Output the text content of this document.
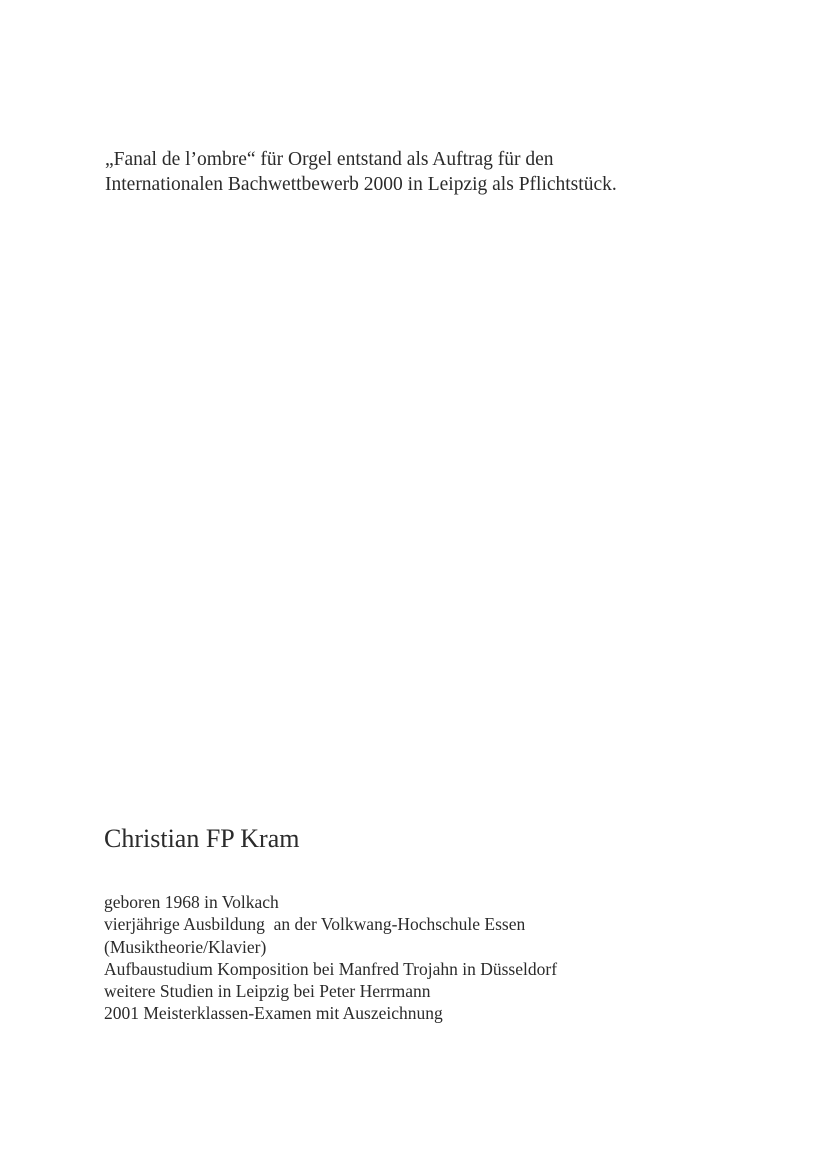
„Fanal de l’ombre“ für Orgel entstand als Auftrag für den

Internationalen Bachwettbewerb 2000 in Leipzig als Pflichtstück.

Christian FP Kram

geboren 1968 in Volkach

vierjährige Ausbildung  an der Volkwang-Hochschule Essen

(Musiktheorie/Klavier)

Aufbaustudium Komposition bei Manfred Trojahn in Düsseldorf

weitere Studien in Leipzig bei Peter Herrmann

2001 Meisterklassen-Examen mit Auszeichnung
